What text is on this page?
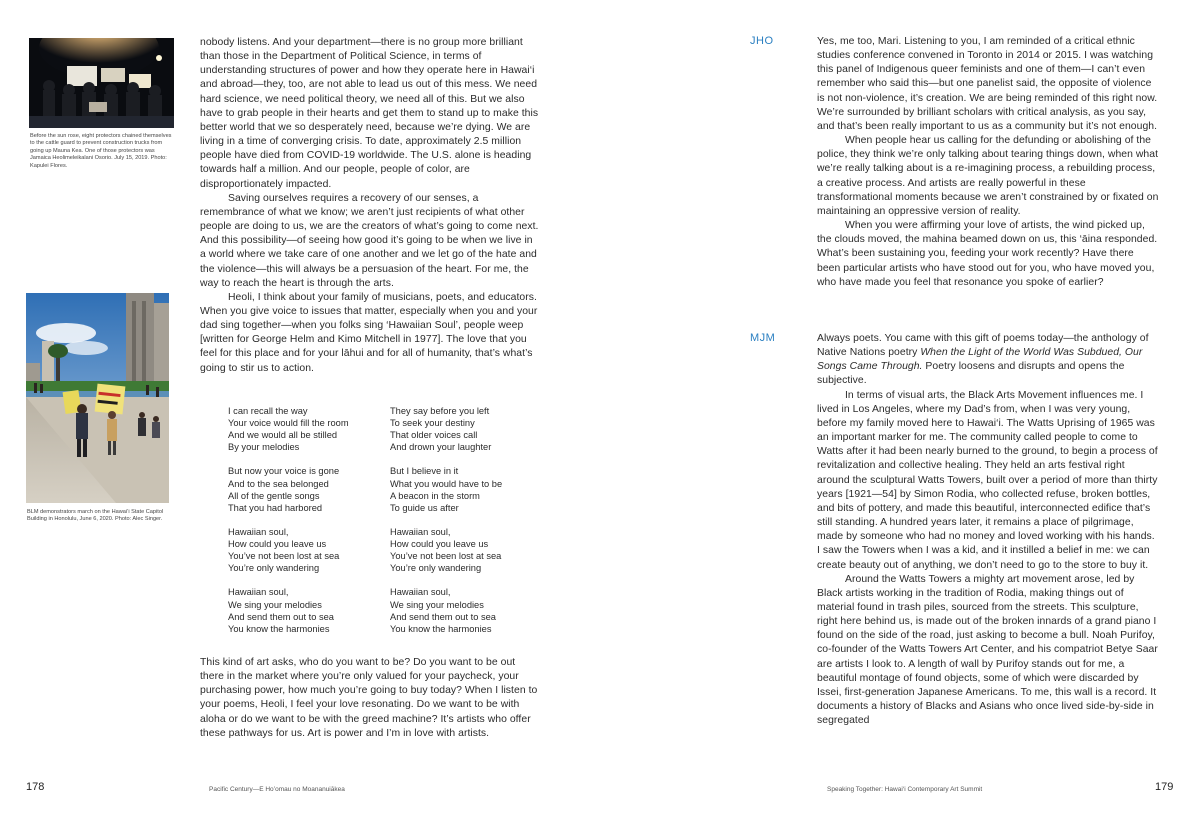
Before the sun rose, eight protectors chained themselves to the cattle guard to prevent construction trucks from going up Mauna Kea. One of those protectors was Jamaica Heolimeleikalani Osorio. July 15, 2019. Photo: Kapulei Flores.
BLM demonstrators march on the Hawai‘i State Capitol Building in Honolulu, June 6, 2020. Photo: Alec Singer.

nobody listens. And your department—there is no group more brilliant than those in the Department of Political Science, in terms of understanding structures of power and how they operate here in Hawai‘i and abroad—they, too, are not able to lead us out of this mess. We need hard science, we need political theory, we need all of this. But we also have to grab people in their hearts and get them to stand up to make this better world that we so desperately need, because we’re dying. We are living in a time of converging crisis. To date, approximately 2.5 million people have died from COVID-19 worldwide. The U.S. alone is heading towards half a million. And our people, people of color, are disproportionately impacted.

Saving ourselves requires a recovery of our senses, a remembrance of what we know; we aren’t just recipients of what other people are doing to us, we are the creators of what’s going to come next. And this possibility—of seeing how good it’s going to be when we live in a world where we take care of one another and we let go of the hate and the violence—this will always be a persuasion of the heart. For me, the way to reach the heart is through the arts.

Heoli, I think about your family of musicians, poets, and educators. When you give voice to issues that matter, especially when you and your dad sing together—when you folks sing ‘Hawaiian Soul’, people weep [written for George Helm and Kimo Mitchell in 1977]. The love that you feel for this place and for your lāhui and for all of humanity, that’s what’s going to stir us to action.

I can recall the way
Your voice would fill the room
And we would all be stilled
By your melodies
But now your voice is gone
And to the sea belonged
All of the gentle songs
That you had harbored
Hawaiian soul,
How could you leave us
You’ve not been lost at sea
You’re only wandering
Hawaiian soul,
We sing your melodies
And send them out to sea
You know the harmonies
They say before you left
To seek your destiny
That older voices call
And drown your laughter
But I believe in it
What you would have to be
A beacon in the storm
To guide us after
Hawaiian soul,
How could you leave us
You’ve not been lost at sea
You’re only wandering
Hawaiian soul,
We sing your melodies
And send them out to sea
You know the harmonies

This kind of art asks, who do you want to be? Do you want to be out there in the market where you’re only valued for your paycheck, your purchasing power, how much you’re going to buy today? When I listen to your poems, Heoli, I feel your love resonating. Do we want to be with aloha or do we want to be with the greed machine? It’s artists who offer these pathways for us. Art is power and I’m in love with artists.

178	Pacific Century—E Hoʻomau no Moananuiākea
JHO	Yes, me too, Mari. Listening to you, I am reminded of a critical ethnic studies conference convened in Toronto in 2014 or 2015. I was watching this panel of Indigenous queer feminists and one of them—I can’t even remember who said this—but one panelist said, the opposite of violence is not non-violence, it’s creation. We are being reminded of this right now. We’re surrounded by brilliant scholars with critical analysis, as you say, and that’s been really important to us as a community but it’s not enough.

When people hear us calling for the defunding or abolishing of the police, they think we’re only talking about tearing things down, when what we’re really talking about is a re-imagining process, a rebuilding process, a creative process. And artists are really powerful in these transformational moments because we aren’t constrained by or fixated on maintaining an oppressive version of reality.

When you were affirming your love of artists, the wind picked up, the clouds moved, the mahina beamed down on us, this ‘āina responded. What’s been sustaining you, feeding your work recently? Have there been particular artists who have stood out for you, who have moved you, who have made you feel that resonance you spoke of earlier?

MJM	Always poets. You came with this gift of poems today—the anthology of Native Nations poetry When the Light of the World Was Subdued, Our Songs Came Through. Poetry loosens and disrupts and opens the subjective.

In terms of visual arts, the Black Arts Movement influences me. I lived in Los Angeles, where my Dad’s from, when I was very young, before my family moved here to Hawai‘i. The Watts Uprising of 1965 was an important marker for me. The community called people to come to Watts after it had been nearly burned to the ground, to begin a process of revitalization and collective healing. They held an arts festival right around the sculptural Watts Towers, built over a period of more than thirty years [1921—54] by Simon Rodia, who collected refuse, broken bottles, and bits of pottery, and made this beautiful, interconnected edifice that’s still standing. A hundred years later, it remains a place of pilgrimage, made by someone who had no money and loved working with his hands. I saw the Towers when I was a kid, and it instilled a belief in me: we can create beauty out of anything, we don’t need to go to the store to buy it.

Around the Watts Towers a mighty art movement arose, led by Black artists working in the tradition of Rodia, making things out of material found in trash piles, sourced from the streets. This sculpture, right here behind us, is made out of the broken innards of a grand piano I found on the side of the road, just asking to become a bull. Noah Purifoy, co-founder of the Watts Towers Art Center, and his compatriot Betye Saar are artists I look to. A length of wall by Purifoy stands out for me, a beautiful montage of found objects, some of which were discarded by Issei, first-generation Japanese Americans. To me, this wall is a record. It documents a history of Blacks and Asians who once lived side-by-side in segregated

Speaking Together: Hawai‘i Contemporary Art Summit	179
